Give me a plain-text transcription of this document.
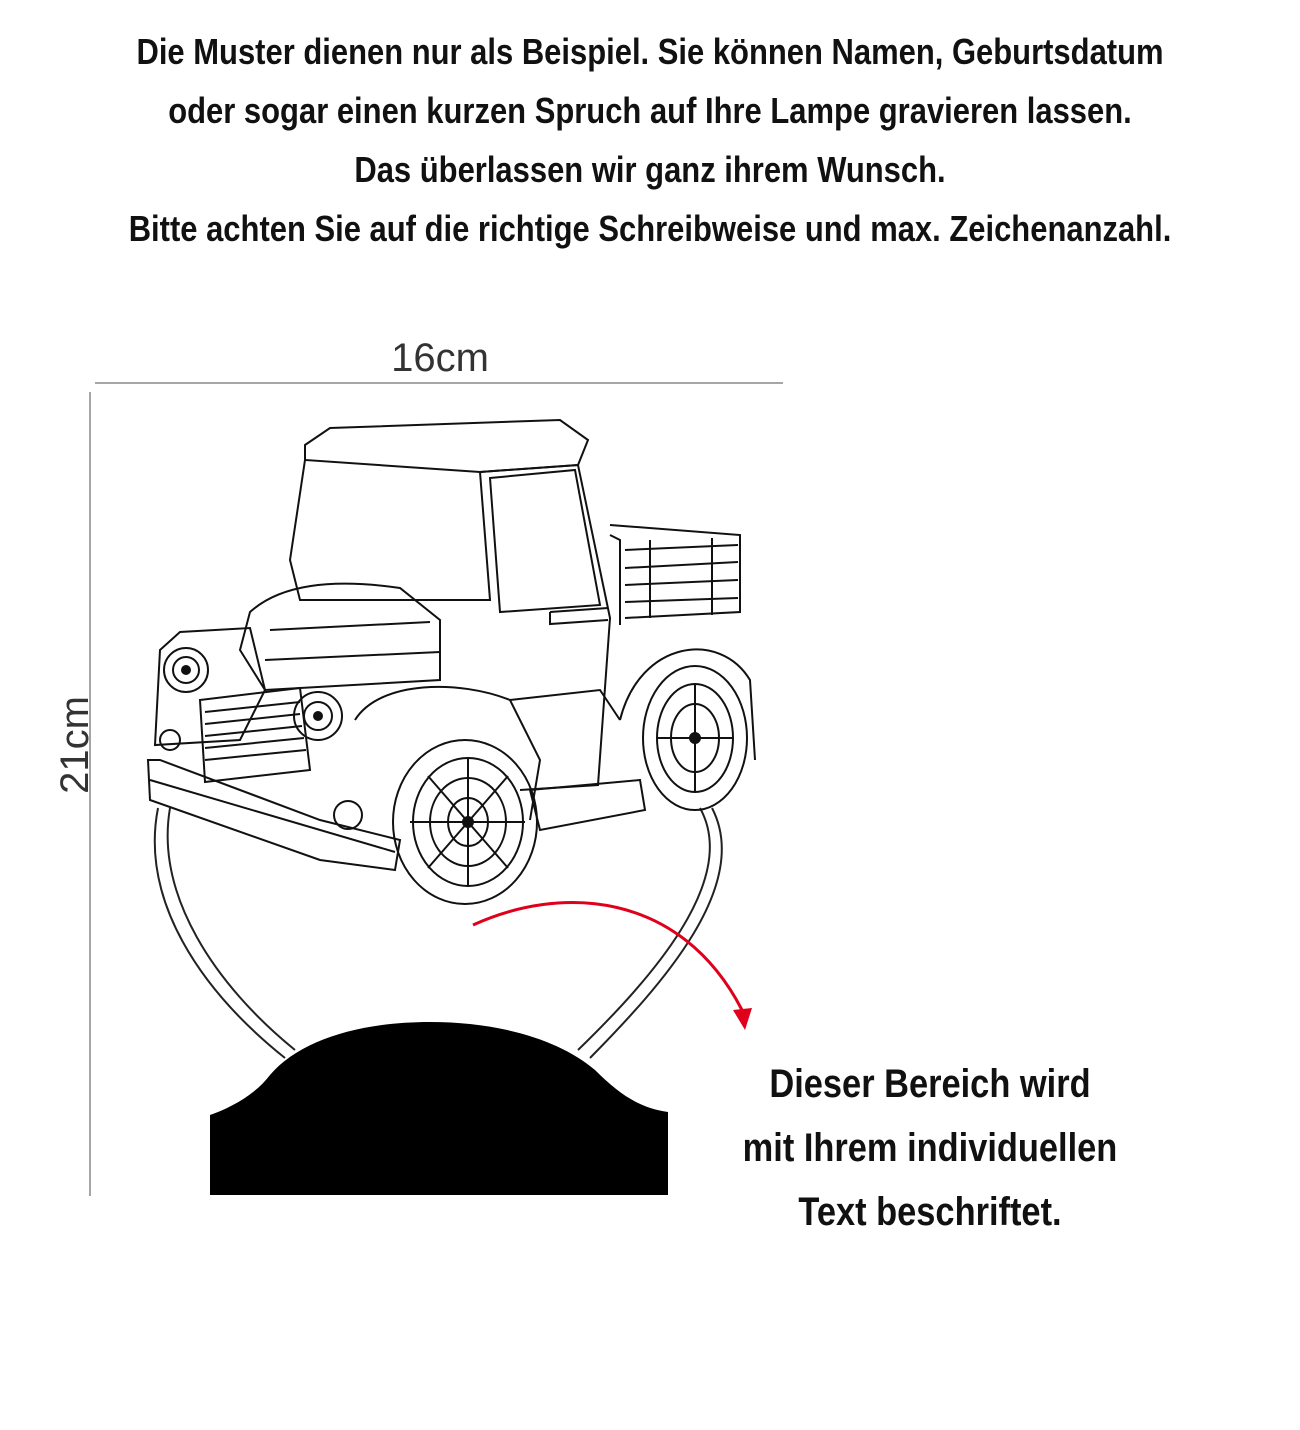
Die Muster dienen nur als Beispiel. Sie können Namen, Geburtsdatum
oder sogar einen kurzen Spruch auf Ihre Lampe gravieren lassen.
Das überlassen wir ganz ihrem Wunsch.
Bitte achten Sie auf die richtige Schreibweise und max. Zeichenanzahl.
16cm
21cm
Dieser Bereich wird
mit Ihrem individuellen
Text beschriftet.
